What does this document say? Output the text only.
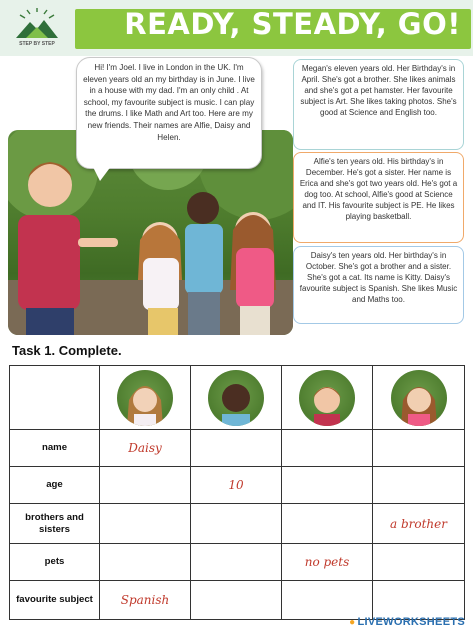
STEP BY STEP
READY, STEADY, GO!
Hi! I'm Joel. I live in London in the UK. I'm eleven years old an my birthday is in June. I live in a house with my dad. I'm an only child . At school, my favourite subject is music. I can play the drums. I like Math and Art too. Here are my new friends. Their names are Alfie, Daisy and Helen.
Megan's eleven years old. Her Birthday's in April. She's got a brother. She likes animals and she's got a pet hamster. Her favourite subject is Art. She likes taking photos. She's good at Science and English too.
Alfie's ten years old. His birthday's in December. He's got a sister. Her name is Erica and she's got two years old. He's got a dog too. At school, Alfie's good at Science and IT. His favourite subject is PE. He likes playing basketball.
Daisy's ten years old. Her birthday's in October. She's got a brother and a sister. She's got a cat. Its name is Kitty. Daisy's favourite subject is Spanish. She likes Music and Maths too.
Task 1. Complete.

name	Daisy			
age		10		
brothers and sisters				a brother
pets			no pets	
favourite subject	Spanish			
● LIVEWORKSHEETS
